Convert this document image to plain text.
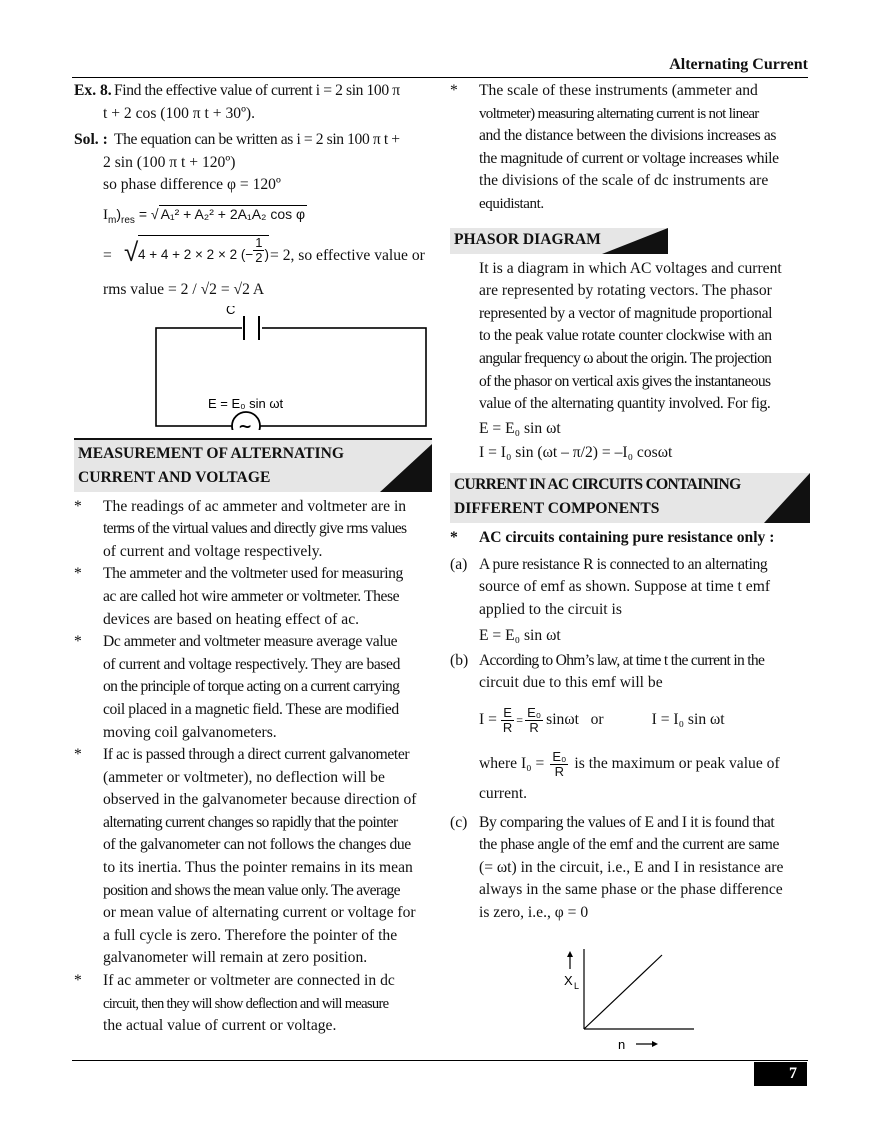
Alternating Current
Ex. 8. Find the effective value of current i = 2 sin 100 π

t + 2 cos (100 π t + 30º).

Sol. : The equation can be written as i = 2 sin 100 π t +

2 sin (100 π t + 120º)

so phase difference φ = 120º

$I_m)_{res}$ = √ A₁² + A₂² + 2A₁A₂ cos φ
= √ 4 + 4 + 2 × 2 × 2 (− $\frac{1}{2}$ ) = 2, so effective value or

rms value = 2 / √2 = √2 A

C
E = E₀ sin ωt
~
MEASUREMENT OF ALTERNATING
CURRENT AND VOLTAGE
*	The readings of ac ammeter and voltmeter are in
terms of the virtual values and directly give rms values
of current and voltage respectively.
*	The ammeter and the voltmeter used for measuring
ac are called hot wire ammeter or voltmeter. These
devices are based on heating effect of ac.
*	Dc ammeter and voltmeter measure average value
of current and voltage respectively. They are based
on the principle of torque acting on a current carrying
coil placed in a magnetic field. These are modified
moving coil galvanometers.
*	If ac is passed through a direct current galvanometer
(ammeter or voltmeter), no deflection will be
observed in the galvanometer because direction of
alternating current changes so rapidly that the pointer
of the galvanometer can not follows the changes due
to its inertia. Thus the pointer remains in its mean
position and shows the mean value only. The average
or mean value of alternating current or voltage for
a full cycle is zero. Therefore the pointer of the
galvanometer will remain at zero position.
*	If ac ammeter or voltmeter are connected in dc
circuit, then they will show deflection and will measure
the actual value of current or voltage.
*	The scale of these instruments (ammeter and
voltmeter) measuring alternating current is not linear
and the distance between the divisions increases as
the magnitude of current or voltage increases while
the divisions of the scale of dc instruments are
equidistant.
PHASOR DIAGRAM
It is a diagram in which AC voltages and current
are represented by rotating vectors. The phasor
represented by a vector of magnitude proportional
to the peak value rotate counter clockwise with an
angular frequency ω about the origin. The projection
of the phasor on vertical axis gives the instantaneous
value of the alternating quantity involved. For fig.
E = E₀ sin ωt
I = I₀ sin (ωt – π/2) = –I₀ cosωt
CURRENT IN AC CIRCUITS CONTAINING
DIFFERENT COMPONENTS
*	AC circuits containing pure resistance only :
(a) A pure resistance R is connected to an alternating
source of emf as shown. Suppose at time t emf
applied to the circuit is
E = E₀ sin ωt
(b) According to Ohm’s law, at time t the current in the
circuit due to this emf will be
$I = \frac{E}{R} = \frac{\text{E₀}}{R}$ sinωt   or	I = I₀ sin ωt
where $I_0 = \frac{\text{E₀}}{R}$ is the maximum or peak value of
current.
(c) By comparing the values of E and I it is found that
the phase angle of the emf and the current are same
(= ωt) in the circuit, i.e., E and I in resistance are
always in the same phase or the phase difference
is zero, i.e., φ = 0
X L
n
7
